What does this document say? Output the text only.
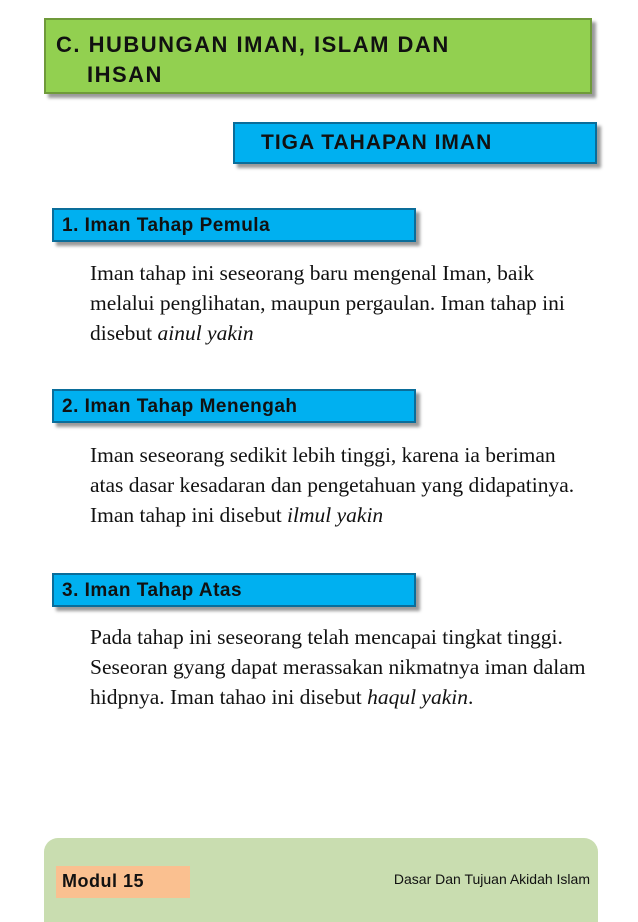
C. HUBUNGAN IMAN, ISLAM DAN
IHSAN
TIGA TAHAPAN IMAN
1. Iman Tahap Pemula

Iman tahap ini seseorang baru mengenal Iman, baik melalui penglihatan, maupun pergaulan. Iman tahap ini disebut ainul yakin

2. Iman Tahap Menengah

Iman seseorang sedikit lebih tinggi, karena ia beriman atas dasar kesadaran dan pengetahuan yang didapatinya. Iman tahap ini disebut ilmul yakin

3. Iman Tahap Atas

Pada tahap ini seseorang telah mencapai tingkat tinggi. Seseoran gyang dapat merassakan nikmatnya iman dalam hidpnya. Iman tahao ini disebut haqul yakin.

Modul 15	Dasar Dan Tujuan Akidah Islam
